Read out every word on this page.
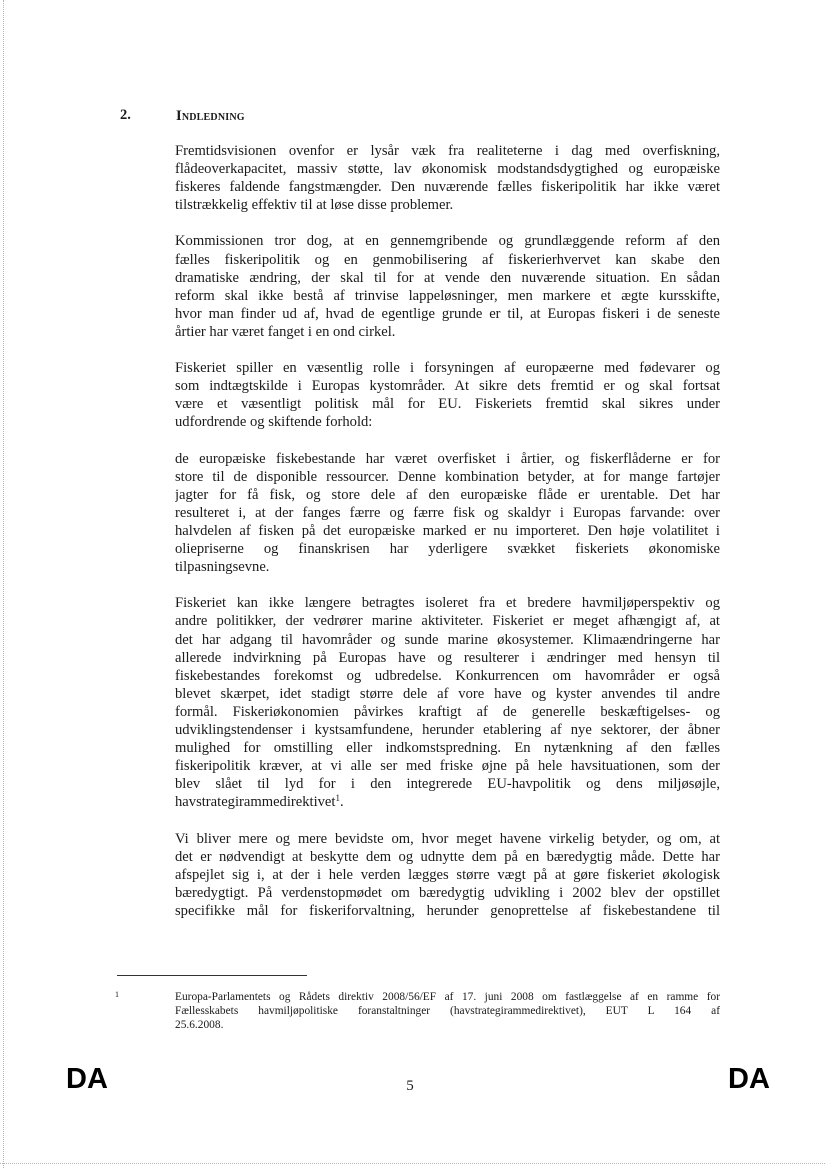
2.	Indledning

Fremtidsvisionen ovenfor er lysår væk fra realiteterne i dag med overfiskning,
flådeoverkapacitet, massiv støtte, lav økonomisk modstandsdygtighed og europæiske
fiskeres faldende fangstmængder. Den nuværende fælles fiskeripolitik har ikke været
tilstrækkelig effektiv til at løse disse problemer.

Kommissionen tror dog, at en gennemgribende og grundlæggende reform af den
fælles fiskeripolitik og en genmobilisering af fiskerierhvervet kan skabe den
dramatiske ændring, der skal til for at vende den nuværende situation. En sådan
reform skal ikke bestå af trinvise lappeløsninger, men markere et ægte kursskifte,
hvor man finder ud af, hvad de egentlige grunde er til, at Europas fiskeri i de seneste
årtier har været fanget i en ond cirkel.

Fiskeriet spiller en væsentlig rolle i forsyningen af europæerne med fødevarer og
som indtægtskilde i Europas kystområder. At sikre dets fremtid er og skal fortsat
være et væsentligt politisk mål for EU. Fiskeriets fremtid skal sikres under
udfordrende og skiftende forhold:

de europæiske fiskebestande har været overfisket i årtier, og fiskerflåderne er for
store til de disponible ressourcer. Denne kombination betyder, at for mange fartøjer
jagter for få fisk, og store dele af den europæiske flåde er urentable. Det har
resulteret i, at der fanges færre og færre fisk og skaldyr i Europas farvande: over
halvdelen af fisken på det europæiske marked er nu importeret. Den høje volatilitet i
oliepriserne og finanskrisen har yderligere svækket fiskeriets økonomiske
tilpasningsevne.

Fiskeriet kan ikke længere betragtes isoleret fra et bredere havmiljøperspektiv og
andre politikker, der vedrører marine aktiviteter. Fiskeriet er meget afhængigt af, at
det har adgang til havområder og sunde marine økosystemer. Klimaændringerne har
allerede indvirkning på Europas have og resulterer i ændringer med hensyn til
fiskebestandes forekomst og udbredelse. Konkurrencen om havområder er også
blevet skærpet, idet stadigt større dele af vore have og kyster anvendes til andre
formål. Fiskeriøkonomien påvirkes kraftigt af de generelle beskæftigelses- og
udviklingstendenser i kystsamfundene, herunder etablering af nye sektorer, der åbner
mulighed for omstilling eller indkomstspredning. En nytænkning af den fælles
fiskeripolitik kræver, at vi alle ser med friske øjne på hele havsituationen, som der
blev slået til lyd for i den integrerede EU-havpolitik og dens miljøsøjle,
havstrategirammedirektivet$^1$.

Vi bliver mere og mere bevidste om, hvor meget havene virkelig betyder, og om, at
det er nødvendigt at beskytte dem og udnytte dem på en bæredygtig måde. Dette har
afspejlet sig i, at der i hele verden lægges større vægt på at gøre fiskeriet økologisk
bæredygtigt. På verdenstopmødet om bæredygtig udvikling i 2002 blev der opstillet
specifikke mål for fiskeriforvaltning, herunder genoprettelse af fiskebestandene til

1	Europa-Parlamentets og Rådets direktiv 2008/56/EF af 17. juni 2008 om fastlæggelse af en ramme for
Fællesskabets havmiljøpolitiske foranstaltninger (havstrategirammedirektivet), EUT L 164 af
25.6.2008.
DA	5	DA
